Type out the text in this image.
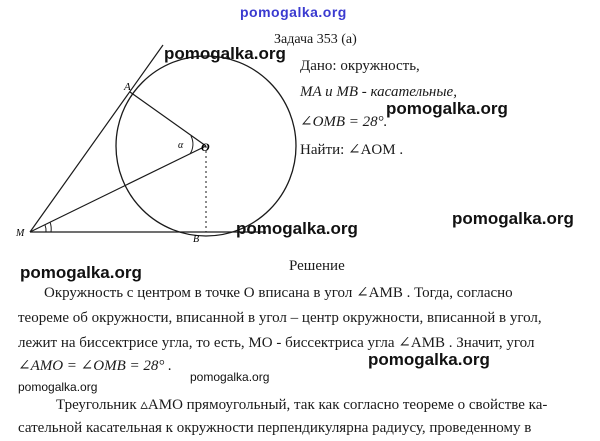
pomogalka.org
A
O
α
M
B
Задача 353 (а)
Дано: окружность,
MA и MB - касательные,
∠OMB = 28°.
Найти: ∠AOM .
pomogalka.org
pomogalka.org
pomogalka.org
pomogalka.org
pomogalka.org	Решение
Окружность с центром в точке O вписана в угол ∠AMB . Тогда, согласно
теореме об окружности, вписанной в угол – центр окружности, вписанной в угол,
лежит на биссектрисе угла, то есть, MO - биссектриса угла ∠AMB . Значит, угол
∠AMO = ∠OMB = 28° .	pomogalka.org
pomogalka.org
pomogalka.org
Треугольник ▵AMO прямоугольный, так как согласно теореме о свойстве ка-
сательной касательная к окружности перпендикулярна радиусу, проведенному в
